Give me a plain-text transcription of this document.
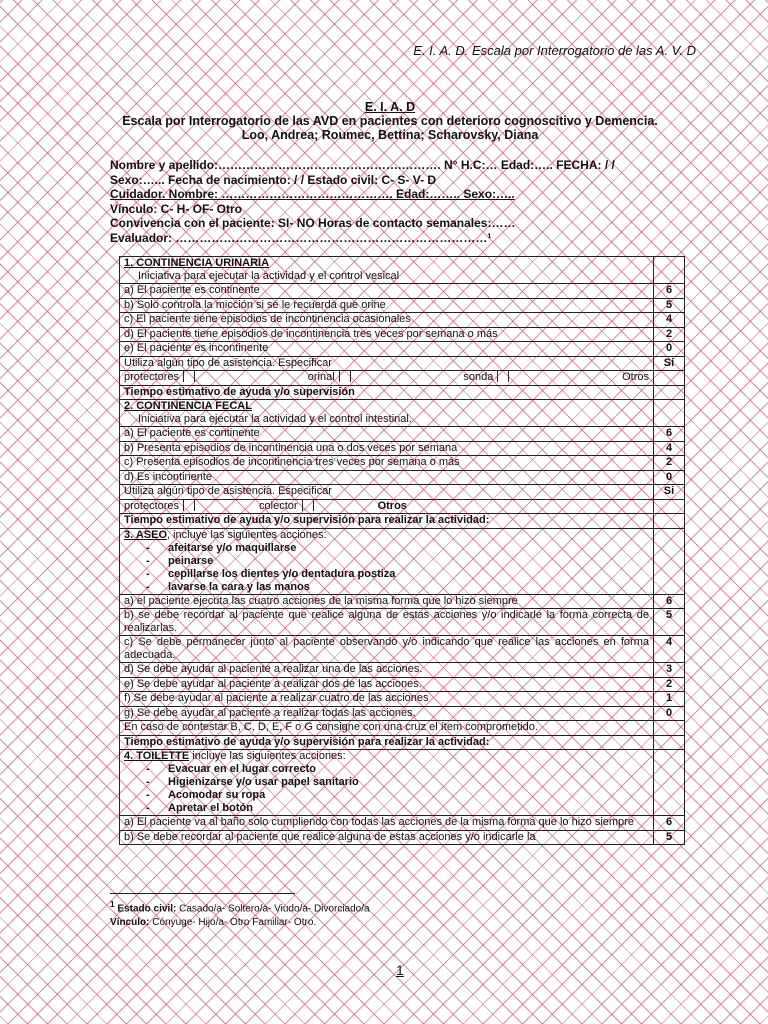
E. I. A. D. Escala por Interrogatorio de las A. V. D
E. I. A. D
Escala por Interrogatorio de las AVD en pacientes con deterioro cognoscitivo y Demencia.
Loo, Andrea; Roumec, Bettina; Scharovsky, Diana
Nombre y apellido:……………………………………….………. N° H.C:… Edad:….. FECHA: / /
Sexo:…... Fecha de nacimiento: / / Estado civil: C- S- V- D
Cuidador. Nombre: ……………………………………. Edad:…….. Sexo:…..
Vínculo: C- H- OF- Otro
Convivencia con el paciente: SI- NO Horas de contacto semanales:……
Evaluador: ……………………………………………………………………¹
1. CONTINENCIA URINARIA
Iniciativa para ejecutar la actividad y el control vesical	
a) El paciente es continente	6
b) Solo controla la micción si se le recuerda que orine	5
c) El paciente tiene episodios de incontinencia ocasionales	4
d) El paciente tiene episodios de incontinencia tres veces por semana o más	2
e) El paciente es incontinente	0
Utiliza algún tipo de asistencia. Especificar	Si

protectores orinal sonda Otros	

Tiempo estimativo de ayuda y/o supervisión	
2. CONTINENCIA FECAL
Iniciativa para ejecutar la actividad y el control intestinal.	
a) El paciente es continente	6
b) Presenta episodios de incontinencia una o dos veces por semana	4
c) Presenta episodios de incontinencia tres veces por semana o más	2
d) Es incontinente	0
Utiliza algún tipo de asistencia. Especificar	Si

protectores colector Otros	

Tiempo estimativo de ayuda y/o supervisión para realizar la actividad:	
3. ASEO, incluye las siguientes acciones:
- afeitarse y/o maquillarse
- peinarse
- cepillarse los dientes y/o dentadura postiza
- lavarse la cara y las manos

a) el paciente ejecuta las cuatro acciones de la misma forma que lo hizo siempre	6
b) se debe recordar al paciente que realice alguna de estas acciones y/o indicarle la forma correcta de realizarlas.	5
c) Se debe permanecer junto al paciente observando y/o indicando que realice las acciones en forma adecuada.	4
d) Se debe ayudar al paciente a realizar una de las acciones.	3
e) Se debe ayudar al paciente a realizar dos de las acciones.	2
f) Se debe ayudar al paciente a realizar cuatro de las acciones	1
g) Se debe ayudar al paciente a realizar todas las acciones.	0
En caso de contestar B, C, D, E, F o G consigne con una cruz el ítem comprometido.	
Tiempo estimativo de ayuda y/o supervisión para realizar la actividad:	
4. TOILETTE incluye las siguientes acciones:
- Evacuar en el lugar correcto
- Higienizarse y/o usar papel sanitario
- Acomodar su ropa
- Apretar el botón

a) El paciente va al baño solo cumpliendo con todas las acciones de la misma forma que lo hizo siempre	6
b) Se debe recordar al paciente que realice alguna de estas acciones y/o indicarle la	5
$^1$ Estado civil: Casado/a- Soltero/a- Viudo/a- Divorciado/a
Vínculo: Cónyuge- Hijo/a- Otro Familiar- Otro.
1
